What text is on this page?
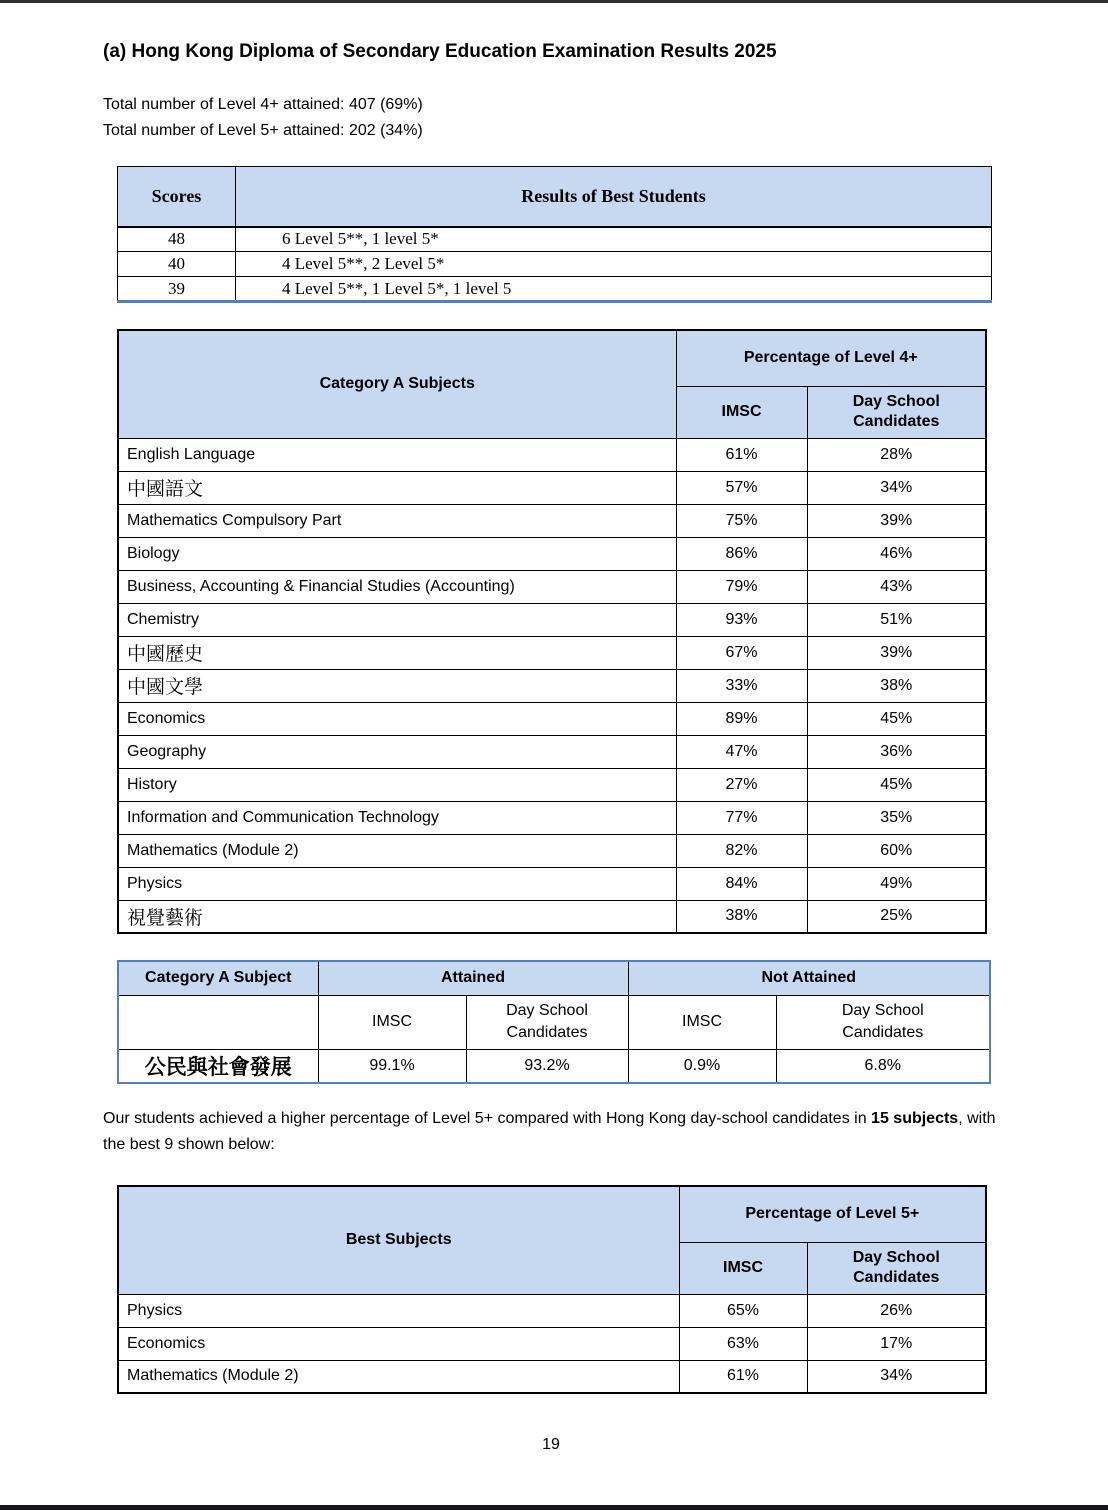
(a) Hong Kong Diploma of Secondary Education Examination Results 2025

Total number of Level 4+ attained: 407 (69%)

Total number of Level 5+ attained: 202 (34%)

Scores	Results of Best Students
48	6 Level 5**, 1 level 5*
40	4 Level 5**, 2 Level 5*
39	4 Level 5**, 1 Level 5*, 1 level 5
Category A Subjects	Percentage of Level 4+	
	IMSC	Day School Candidates
English Language	61%	28%
中國語文	57%	34%
Mathematics Compulsory Part	75%	39%
Biology	86%	46%
Business, Accounting & Financial Studies (Accounting)	79%	43%
Chemistry	93%	51%
中國歷史	67%	39%
中國文學	33%	38%
Economics	89%	45%
Geography	47%	36%
History	27%	45%
Information and Communication Technology	77%	35%
Mathematics (Module 2)	82%	60%
Physics	84%	49%
視覺藝術	38%	25%
Category A Subject	Attained		Not Attained	
	IMSC	Day School Candidates	IMSC	Day School Candidates
公民與社會發展	99.1%	93.2%	0.9%	6.8%

Our students achieved a higher percentage of Level 5+ compared with Hong Kong day-school candidates in 15 subjects, with the best 9 shown below:

Best Subjects	Percentage of Level 5+	
	IMSC	Day School Candidates
Physics	65%	26%
Economics	63%	17%
Mathematics (Module 2)	61%	34%
19
